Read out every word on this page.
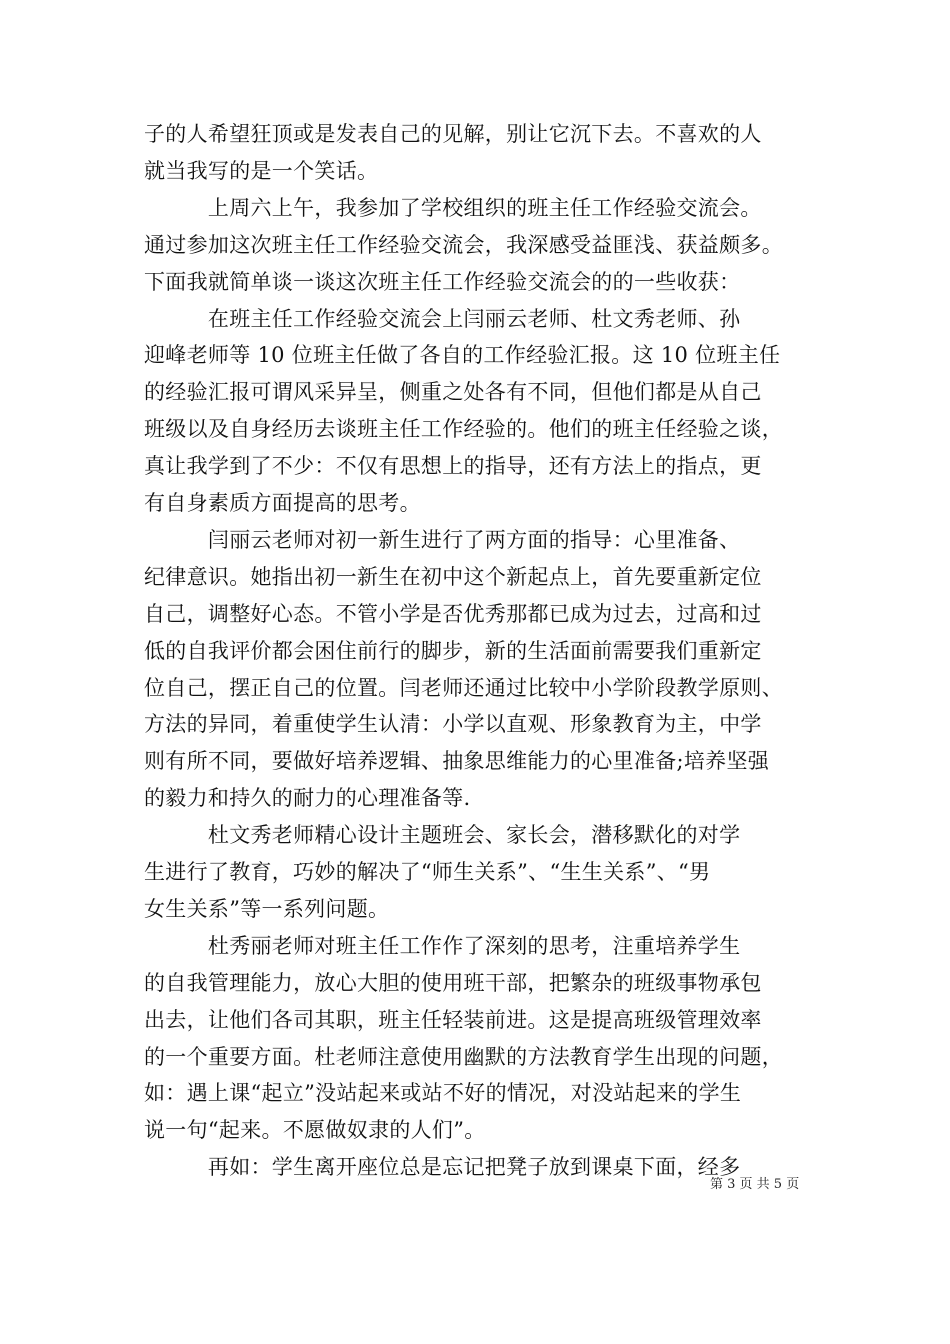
子的人希望狂顶或是发表自己的见解，别让它沉下去。不喜欢的人
就当我写的是一个笑话。
　　　上周六上午，我参加了学校组织的班主任工作经验交流会。
通过参加这次班主任工作经验交流会，我深感受益匪浅、获益颇多。
下面我就简单谈一谈这次班主任工作经验交流会的的一些收获：
　　　在班主任工作经验交流会上闫丽云老师、杜文秀老师、孙
迎峰老师等 10 位班主任做了各自的工作经验汇报。这 10 位班主任
的经验汇报可谓风采异呈，侧重之处各有不同，但他们都是从自己
班级以及自身经历去谈班主任工作经验的。他们的班主任经验之谈，
真让我学到了不少：不仅有思想上的指导，还有方法上的指点，更
有自身素质方面提高的思考。
　　　闫丽云老师对初一新生进行了两方面的指导：心里准备、
纪律意识。她指出初一新生在初中这个新起点上，首先要重新定位
自己，调整好心态。不管小学是否优秀那都已成为过去，过高和过
低的自我评价都会困住前行的脚步，新的生活面前需要我们重新定
位自己，摆正自己的位置。闫老师还通过比较中小学阶段教学原则、
方法的异同，着重使学生认清：小学以直观、形象教育为主，中学
则有所不同，要做好培养逻辑、抽象思维能力的心里准备;培养坚强
的毅力和持久的耐力的心理准备等.
　　　杜文秀老师精心设计主题班会、家长会，潜移默化的对学
生进行了教育，巧妙的解决了“师生关系”、“生生关系”、“男
女生关系”等一系列问题。
　　　杜秀丽老师对班主任工作作了深刻的思考，注重培养学生
的自我管理能力，放心大胆的使用班干部，把繁杂的班级事物承包
出去，让他们各司其职，班主任轻装前进。这是提高班级管理效率
的一个重要方面。杜老师注意使用幽默的方法教育学生出现的问题，
如：遇上课“起立”没站起来或站不好的情况，对没站起来的学生
说一句“起来。不愿做奴隶的人们”。
　　　再如：学生离开座位总是忘记把凳子放到课桌下面，经多
第 3 页 共 5 页
